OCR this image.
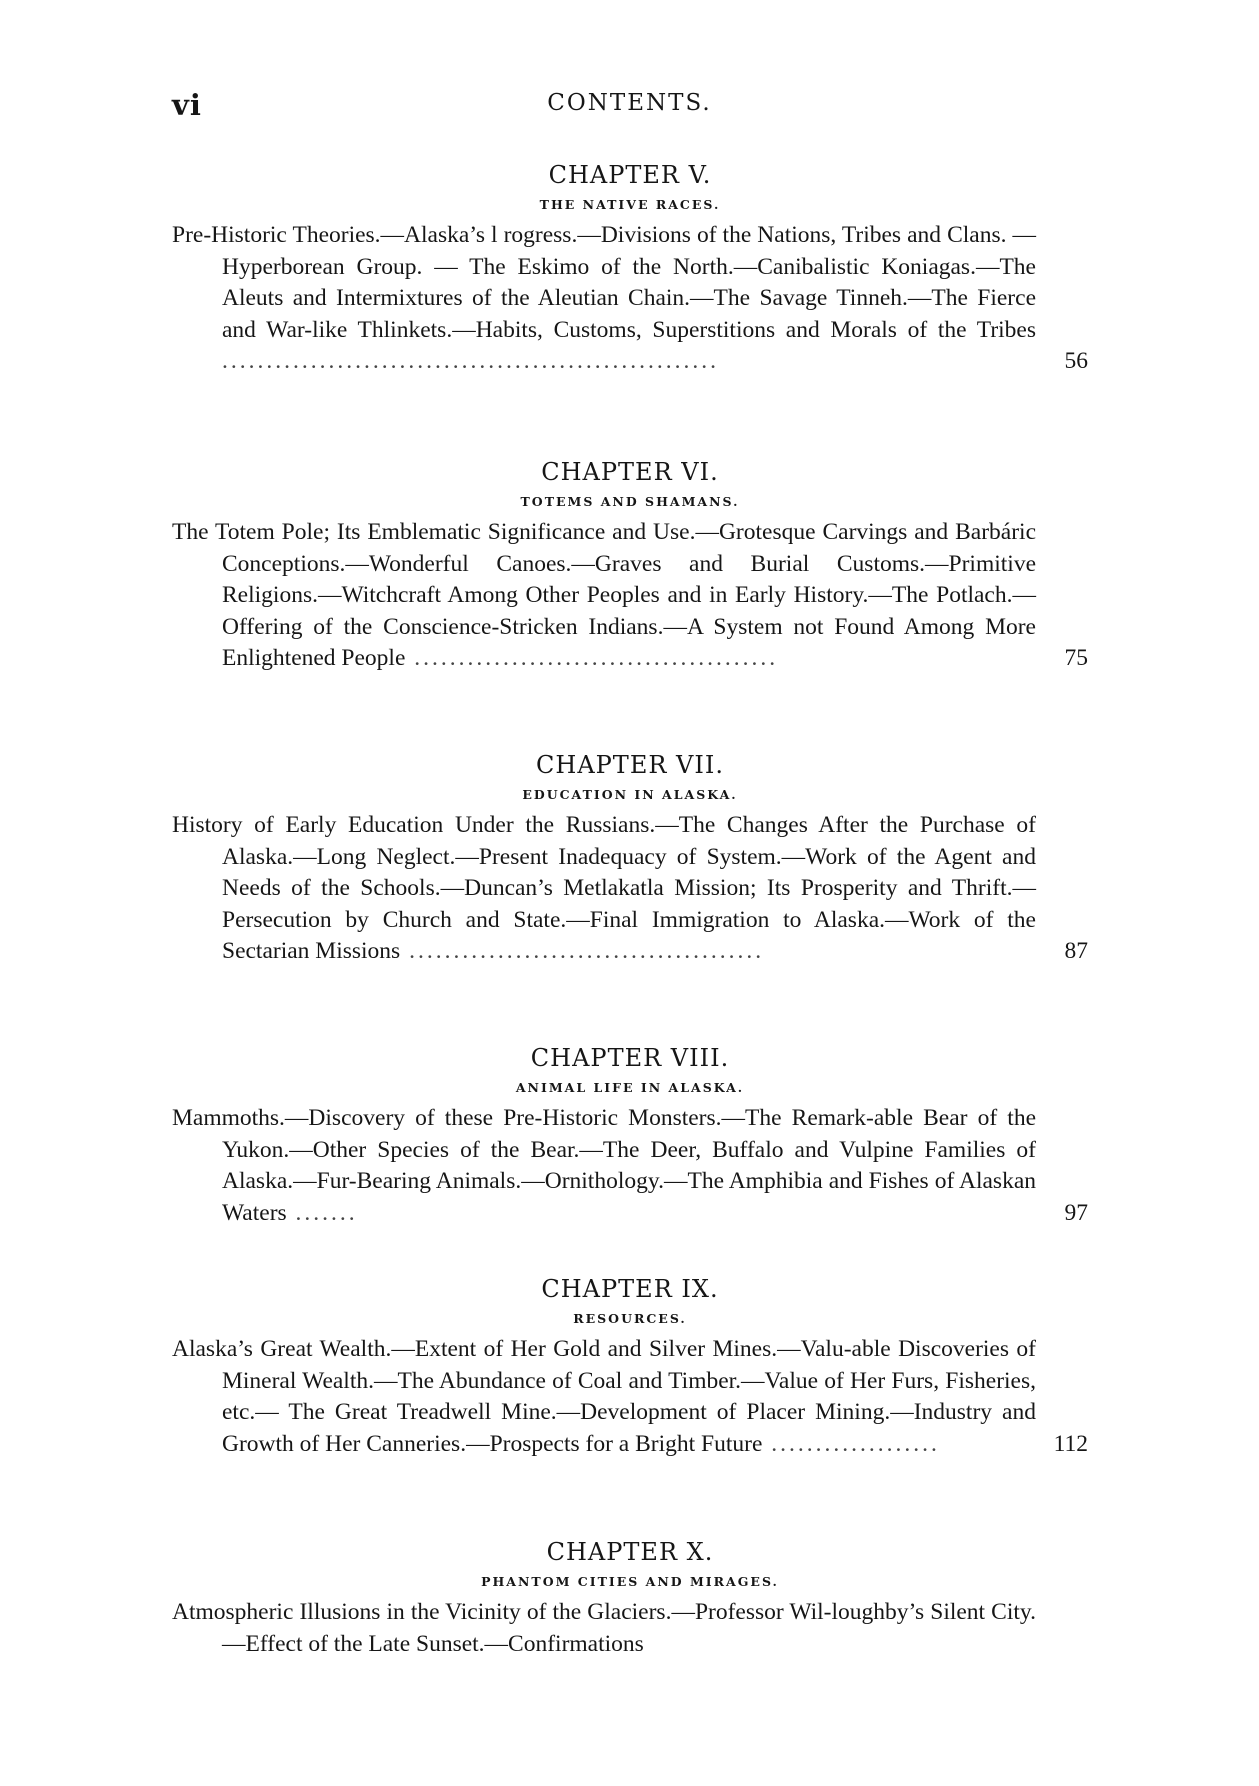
vi	CONTENTS.
CHAPTER V.
THE NATIVE RACES.

Pre-Historic Theories.—Alaska’s l rogress.—Divisions of the Nations, Tribes and Clans. — Hyperborean Group. — The Eskimo of the North.—Canibalistic Koniagas.—The Aleuts and Intermixtures of the Aleutian Chain.—The Savage Tinneh.—The Fierce and War-like Thlinkets.—Habits, Customs, Superstitions and Morals of the Tribes ........................................................	56
CHAPTER VI.
TOTEMS AND SHAMANS.

The Totem Pole; Its Emblematic Significance and Use.—Grotesque Carvings and Barbáric Conceptions.—Wonderful Canoes.—Graves and Burial Customs.—Primitive Religions.—Witchcraft Among Other Peoples and in Early History.—The Potlach.—Offering of the Conscience-Stricken Indians.—A System not Found Among More Enlightened People .........................................	75
CHAPTER VII.
EDUCATION IN ALASKA.

History of Early Education Under the Russians.—The Changes After the Purchase of Alaska.—Long Neglect.—Present Inadequacy of System.—Work of the Agent and Needs of the Schools.—Duncan’s Metlakatla Mission; Its Prosperity and Thrift.—Persecution by Church and State.—Final Immigration to Alaska.—Work of the Sectarian Missions ........................................	87
CHAPTER VIII.
ANIMAL LIFE IN ALASKA.

Mammoths.—Discovery of these Pre-Historic Monsters.—The Remark-able Bear of the Yukon.—Other Species of the Bear.—The Deer, Buffalo and Vulpine Families of Alaska.—Fur-Bearing Animals.—Ornithology.—The Amphibia and Fishes of Alaskan Waters .......	97
CHAPTER IX.
RESOURCES.

Alaska’s Great Wealth.—Extent of Her Gold and Silver Mines.—Valu-able Discoveries of Mineral Wealth.—The Abundance of Coal and Timber.—Value of Her Furs, Fisheries, etc.— The Great Treadwell Mine.—Development of Placer Mining.—Industry and Growth of Her Canneries.—Prospects for a Bright Future ...................	112
CHAPTER X.
PHANTOM CITIES AND MIRAGES.

Atmospheric Illusions in the Vicinity of the Glaciers.—Professor Wil-loughby’s Silent City.—Effect of the Late Sunset.—Confirmations
